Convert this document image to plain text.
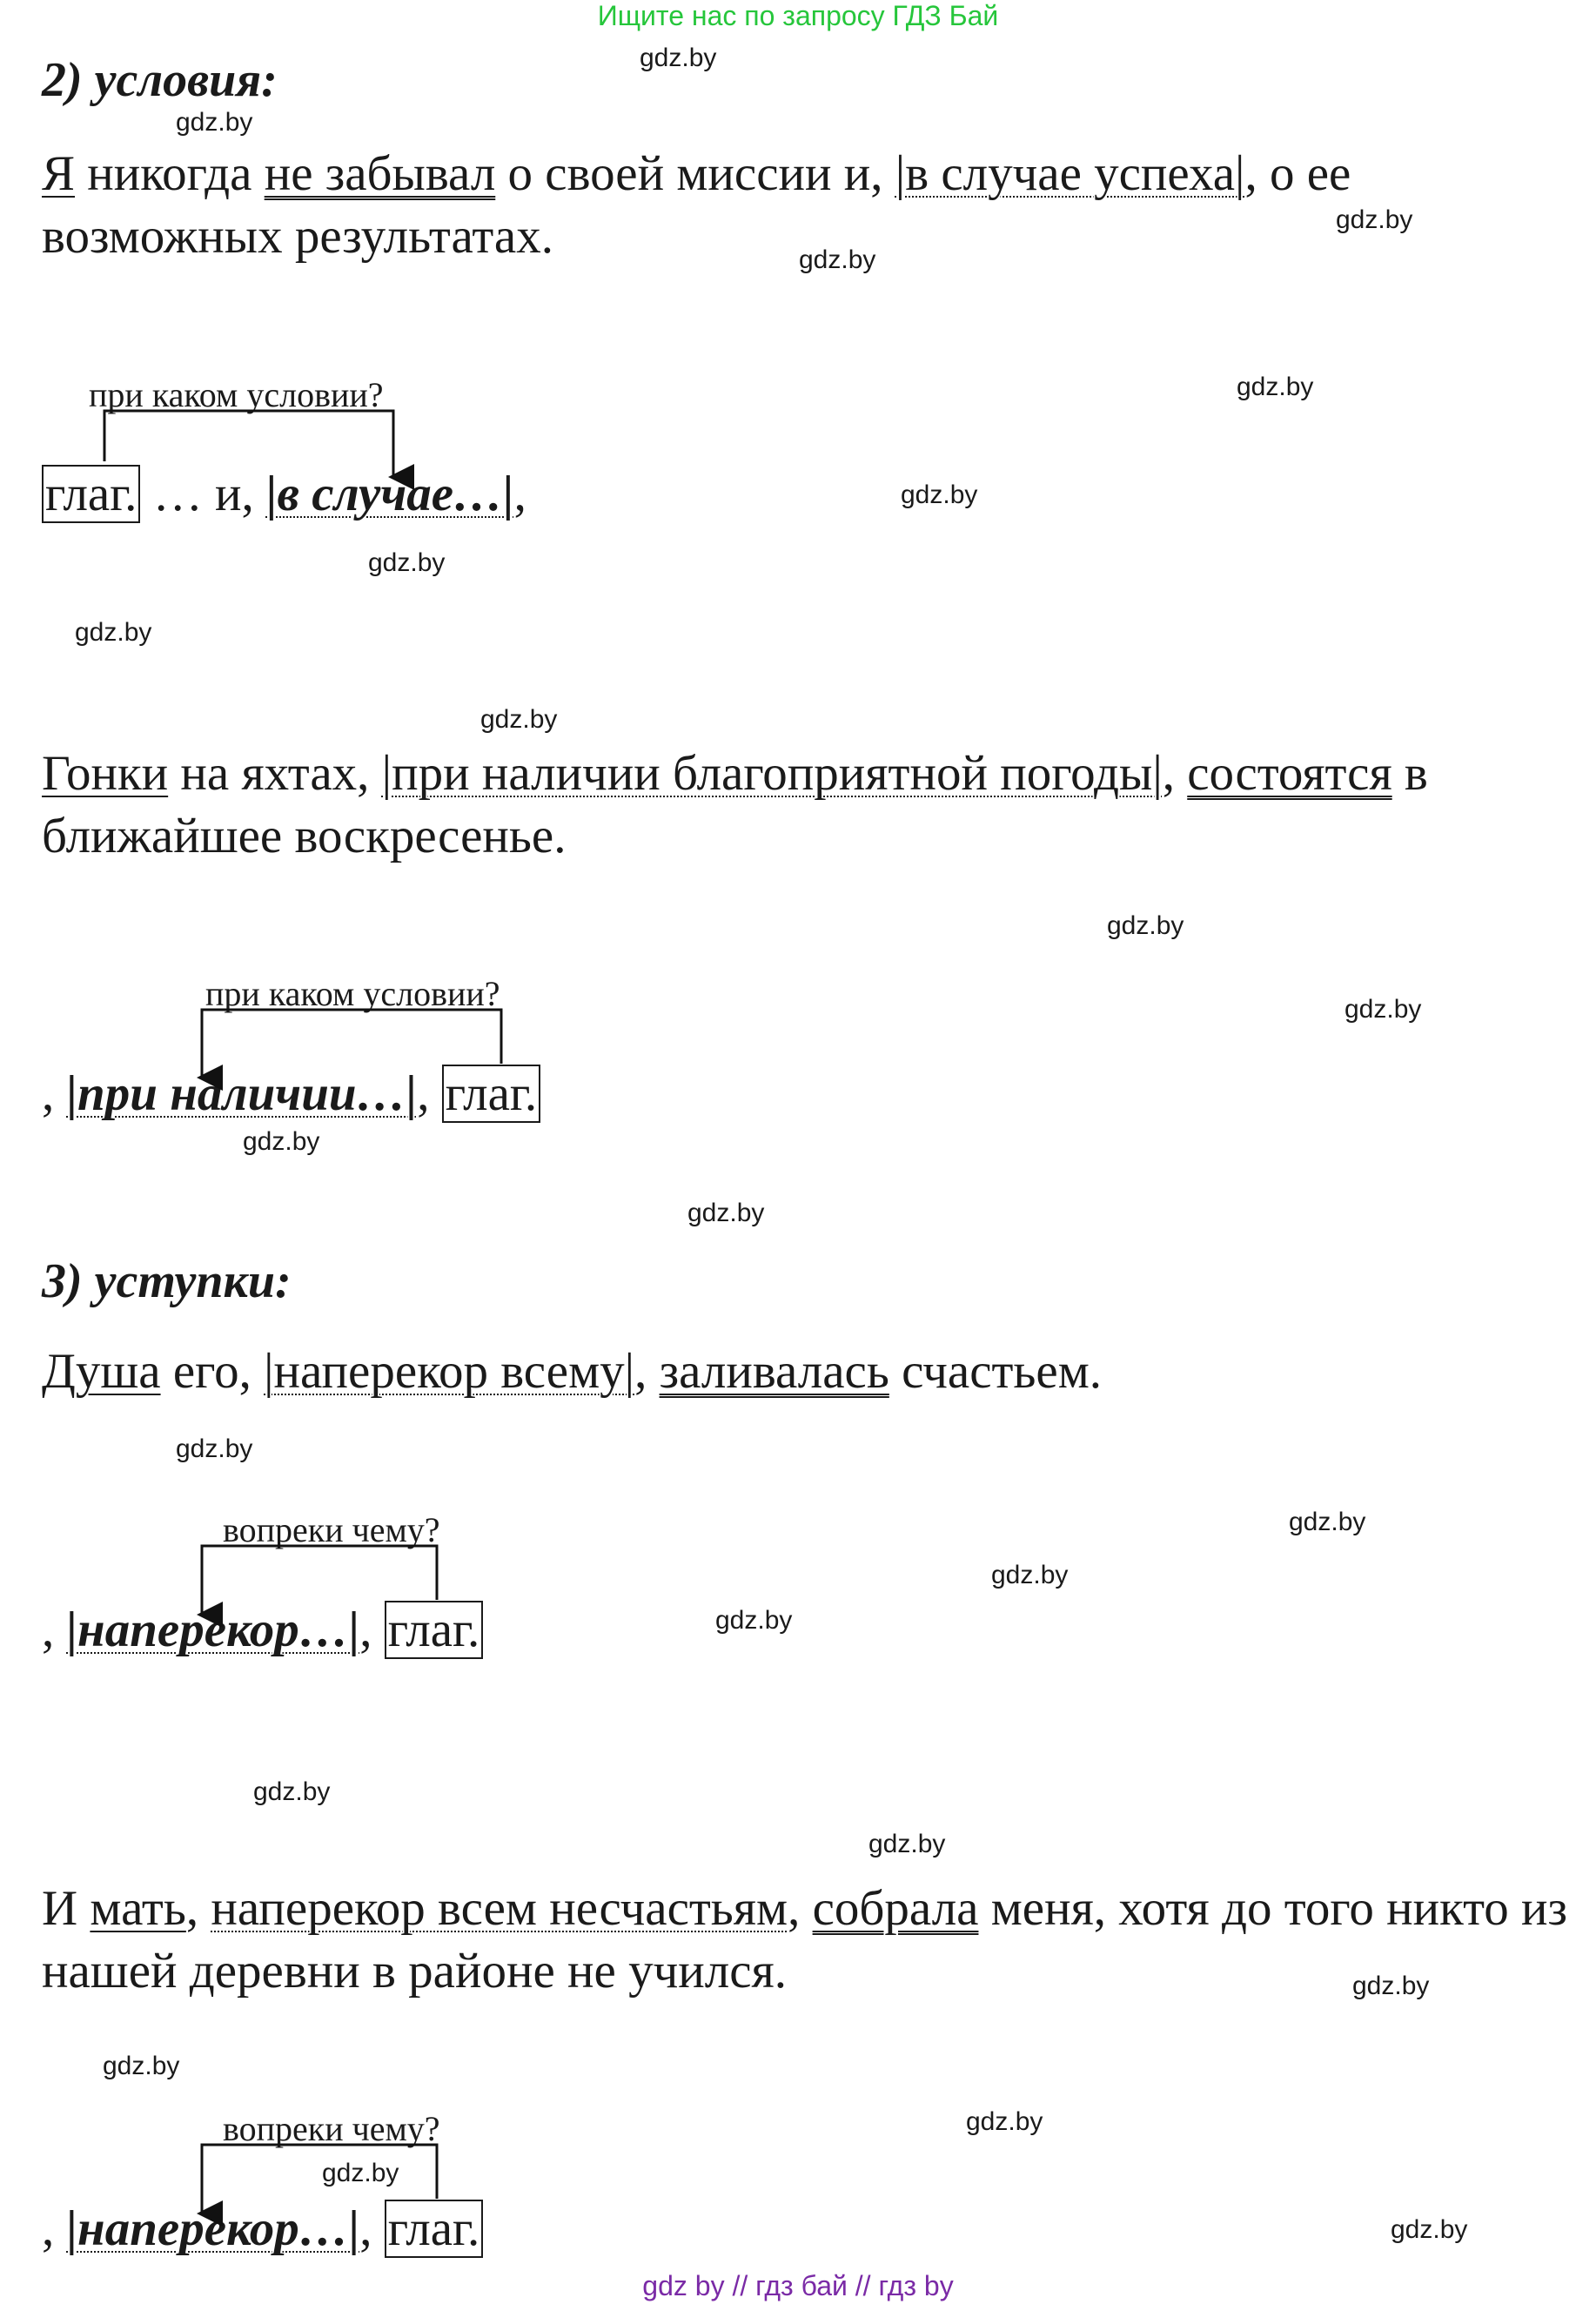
Ищите нас по запросу ГДЗ Бай
2) условия:
Я никогда не забывал о своей миссии и, |в случае успеха|, о ее возможных результатах.
при каком условии?
глаг. … и, |в случае…|,
Гонки на яхтах, |при наличии благоприятной погоды|, состоятся в ближайшее воскресенье.
при каком условии?
, |при наличии…|, глаг.
3) уступки:
Душа его, |наперекор всему|, заливалась счастьем.
вопреки чему?
, |наперекор…|, глаг.
И мать, наперекор всем несчастьям, собрала меня, хотя до того никто из нашей деревни в районе не учился.
вопреки чему?
, |наперекор…|, глаг.
gdz.by
gdz.by
gdz.by
gdz.by
gdz.by
gdz.by
gdz.by
gdz.by
gdz.by
gdz.by
gdz.by
gdz.by
gdz.by
gdz.by
gdz.by
gdz.by
gdz.by
gdz.by
gdz.by
gdz.by
gdz.by
gdz.by
gdz.by
gdz.by
gdz by // гдз бай // гдз by
